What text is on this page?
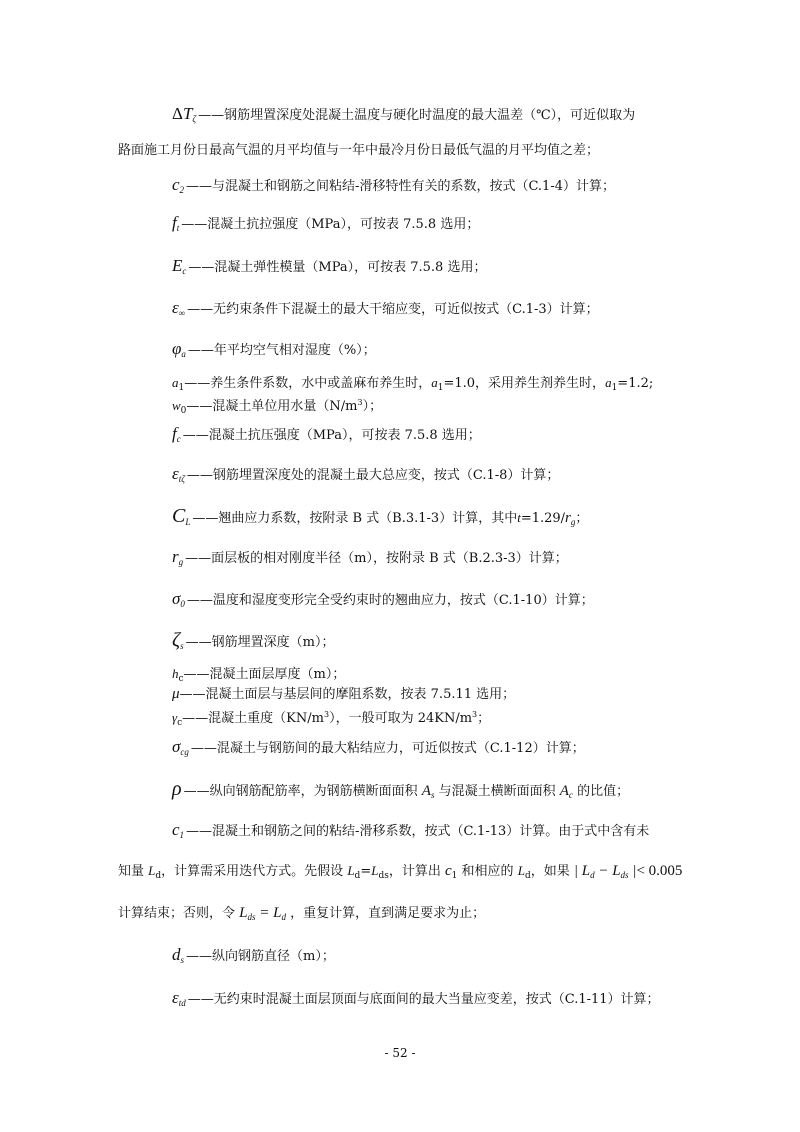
$\Delta T_\zeta$ ——钢筋埋置深度处混凝土温度与硬化时温度的最大温差（℃），可近似取为
路面施工月份日最高气温的月平均值与一年中最冷月份日最低气温的月平均值之差；
$c_2$ ——与混凝土和钢筋之间粘结-滑移特性有关的系数，按式（C.1-4）计算；
$f_t$ ——混凝土抗拉强度（MPa），可按表 7.5.8 选用；
$E_c$ ——混凝土弹性模量（MPa），可按表 7.5.8 选用；
$\varepsilon_\infty$ ——无约束条件下混凝土的最大干缩应变，可近似按式（C.1-3）计算；
$\varphi_a$ ——年平均空气相对湿度（%）；
$a_1——$养生条件系数，水中或盖麻布养生时，$a_1=1.0$，采用养生剂养生时，$a_1=1.2$;
$w_0——$混凝土单位用水量$(N/m^3)$；
$f_c$ ——混凝土抗压强度（MPa），可按表 7.5.8 选用；
$\varepsilon_{t\zeta}$ ——钢筋埋置深度处的混凝土最大总应变，按式（C.1-8）计算；
$C_L$ ——翘曲应力系数，按附录 B 式（B.3.1-3）计算，其中$t=1.29/r_g$；
$r_g$ ——面层板的相对刚度半径（m），按附录 B 式（B.2.3-3）计算；
$\sigma_0$ ——温度和湿度变形完全受约束时的翘曲应力，按式（C.1-10）计算；
$\zeta_s$ ——钢筋埋置深度（m）；
$h_c——$混凝土面层厚度（m）；
μ——混凝土面层与基层间的摩阻系数，按表 7.5.11 选用；
$\gamma_c——$混凝土重度$(KN/m^3)$，一般可取为 $24KN/m^3$；
$\sigma_{cg}$ ——混凝土与钢筋间的最大粘结应力，可近似按式（C.1-12）计算；
ρ ——纵向钢筋配筋率，为钢筋横断面面积 $A_s$ 与混凝土横断面面积 $A_c$ 的比值；
$c_1$ ——混凝土和钢筋之间的粘结-滑移系数，按式（C.1-13）计算。由于式中含有未
知量 $L_d$，计算需采用迭代方式。先假设 $L_d=L_{ds}$，计算出 $c_1$ 和相应的 $L_d$，如果 | $L_d - L_{ds}$ |< 0.005
计算结束；否则，令 $L_{ds} = L_d$ ，重复计算，直到满足要求为止；
$d_s$ ——纵向钢筋直径（m）；
$\varepsilon_{td}$ ——无约束时混凝土面层顶面与底面间的最大当量应变差，按式（C.1-11）计算；
- 52 -
